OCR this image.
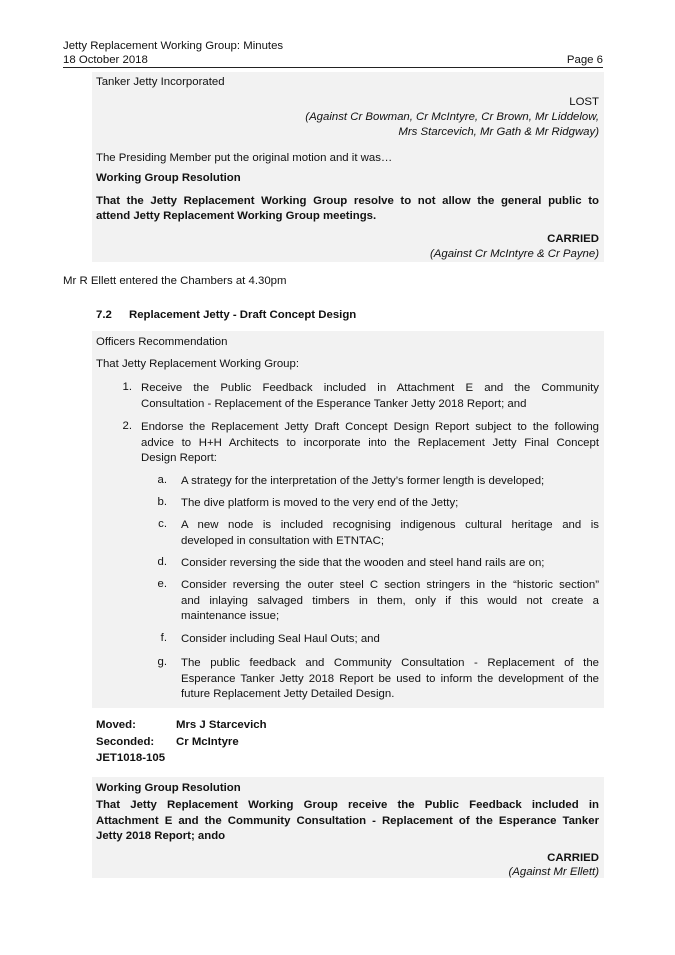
Jetty Replacement Working Group: Minutes
18 October 2018	Page 6
Tanker Jetty Incorporated
LOST
(Against Cr Bowman, Cr McIntyre, Cr Brown, Mr Liddelow,
Mrs Starcevich, Mr Gath & Mr Ridgway)
The Presiding Member put the original motion and it was…
Working Group Resolution
That the Jetty Replacement Working Group resolve to not allow the general public to
attend Jetty Replacement Working Group meetings.
CARRIED
(Against Cr McIntyre & Cr Payne)
Mr R Ellett entered the Chambers at 4.30pm
7.2 Replacement Jetty - Draft Concept Design
Officers Recommendation
That Jetty Replacement Working Group:
1. Receive the Public Feedback included in Attachment E and the Community
Consultation - Replacement of the Esperance Tanker Jetty 2018 Report; and
2. Endorse the Replacement Jetty Draft Concept Design Report subject to the following
advice to H+H Architects to incorporate into the Replacement Jetty Final Concept
Design Report:
a. A strategy for the interpretation of the Jetty’s former length is developed;
b. The dive platform is moved to the very end of the Jetty;
c. A new node is included recognising indigenous cultural heritage and is
developed in consultation with ETNTAC;
d. Consider reversing the side that the wooden and steel hand rails are on;
e. Consider reversing the outer steel C section stringers in the “historic section”
and inlaying salvaged timbers in them, only if this would not create a
maintenance issue;
f. Consider including Seal Haul Outs; and
g. The public feedback and Community Consultation - Replacement of the
Esperance Tanker Jetty 2018 Report be used to inform the development of the
future Replacement Jetty Detailed Design.
Moved:	Mrs J Starcevich
Seconded: Cr McIntyre
JET1018-105
Working Group Resolution
That Jetty Replacement Working Group receive the Public Feedback included in
Attachment E and the Community Consultation - Replacement of the Esperance Tanker
Jetty 2018 Report; ando
CARRIED
(Against Mr Ellett)
